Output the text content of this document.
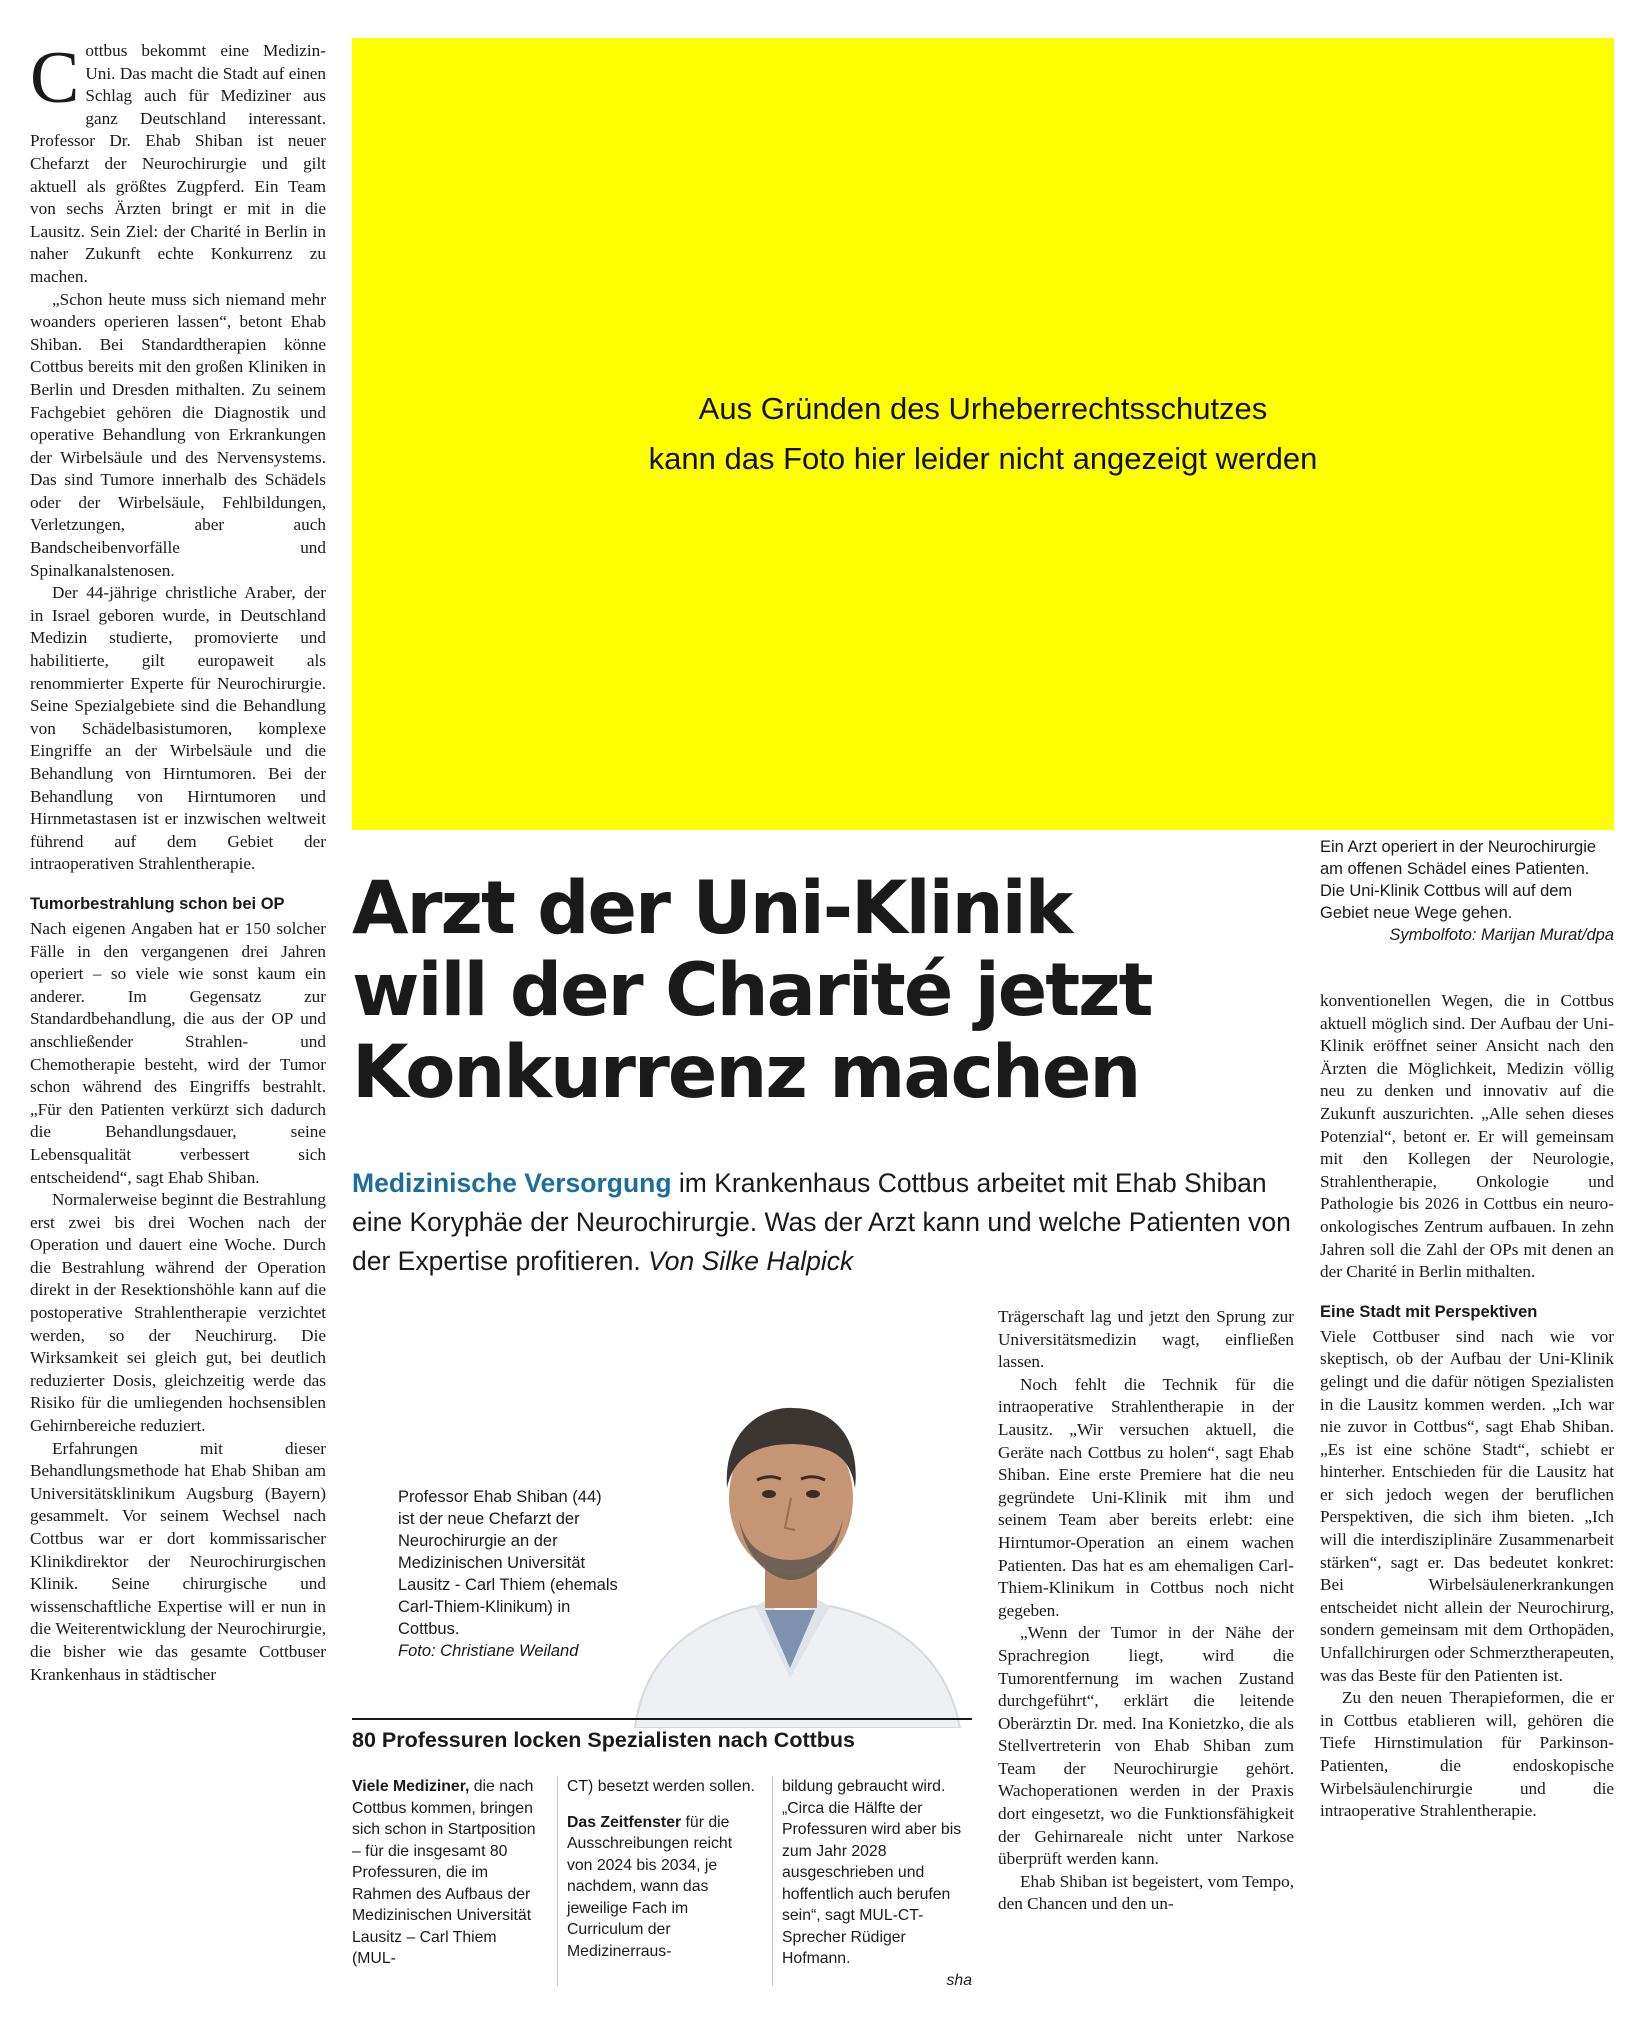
Cottbus bekommt eine Medizin-Uni. Das macht die Stadt auf einen Schlag auch für Mediziner aus ganz Deutschland interessant. Professor Dr. Ehab Shiban ist neuer Chefarzt der Neurochirurgie und gilt aktuell als größtes Zugpferd. Ein Team von sechs Ärzten bringt er mit in die Lausitz. Sein Ziel: der Charité in Berlin in naher Zukunft echte Konkurrenz zu machen.

„Schon heute muss sich niemand mehr woanders operieren lassen“, betont Ehab Shiban. Bei Standardtherapien könne Cottbus bereits mit den großen Kliniken in Berlin und Dresden mithalten. Zu seinem Fachgebiet gehören die Diagnostik und operative Behandlung von Erkrankungen der Wirbelsäule und des Nervensystems. Das sind Tumore innerhalb des Schädels oder der Wirbelsäule, Fehlbildungen, Verletzungen, aber auch Bandscheibenvorfälle und Spinalkanalstenosen.

Der 44-jährige christliche Araber, der in Israel geboren wurde, in Deutschland Medizin studierte, promovierte und habilitierte, gilt europaweit als renommierter Experte für Neurochirurgie. Seine Spezialgebiete sind die Behandlung von Schädelbasistumoren, komplexe Eingriffe an der Wirbelsäule und die Behandlung von Hirntumoren. Bei der Behandlung von Hirntumoren und Hirnmetastasen ist er inzwischen weltweit führend auf dem Gebiet der intraoperativen Strahlentherapie.

Tumorbestrahlung schon bei OP

Nach eigenen Angaben hat er 150 solcher Fälle in den vergangenen drei Jahren operiert – so viele wie sonst kaum ein anderer. Im Gegensatz zur Standardbehandlung, die aus der OP und anschließender Strahlen- und Chemotherapie besteht, wird der Tumor schon während des Eingriffs bestrahlt. „Für den Patienten verkürzt sich dadurch die Behandlungsdauer, seine Lebensqualität verbessert sich entscheidend“, sagt Ehab Shiban.

Normalerweise beginnt die Bestrahlung erst zwei bis drei Wochen nach der Operation und dauert eine Woche. Durch die Bestrahlung während der Operation direkt in der Resektionshöhle kann auf die postoperative Strahlentherapie verzichtet werden, so der Neuchirurg. Die Wirksamkeit sei gleich gut, bei deutlich reduzierter Dosis, gleichzeitig werde das Risiko für die umliegenden hochsensiblen Gehirnbereiche reduziert.

Erfahrungen mit dieser Behandlungsmethode hat Ehab Shiban am Universitätsklinikum Augsburg (Bayern) gesammelt. Vor seinem Wechsel nach Cottbus war er dort kommissarischer Klinikdirektor der Neurochirurgischen Klinik. Seine chirurgische und wissenschaftliche Expertise will er nun in die Weiterentwicklung der Neurochirurgie, die bisher wie das gesamte Cottbuser Krankenhaus in städtischer

Aus Gründen des Urheberrechtsschutzes
kann das Foto hier leider nicht angezeigt werden
Ein Arzt operiert in der Neurochirurgie am offenen Schädel eines Patienten. Die Uni-Klinik Cottbus will auf dem Gebiet neue Wege gehen.
Symbolfoto: Marijan Murat/dpa
Arzt der Uni-Klinik
will der Charité jetzt
Konkurrenz machen
Medizinische Versorgung im Krankenhaus Cottbus arbeitet mit Ehab Shiban eine Koryphäe der Neurochirurgie. Was der Arzt kann und welche Patienten von der Expertise profitieren. Von Silke Halpick
Professor Ehab Shiban (44) ist der neue Chefarzt der Neurochirurgie an der Medizinischen Universität Lausitz - Carl Thiem (ehemals Carl-Thiem-Klinikum) in Cottbus.
Foto: Christiane Weiland
80 Professuren locken Spezialisten nach Cottbus

Viele Mediziner, die nach Cottbus kommen, bringen sich schon in Startposition – für die insgesamt 80 Professuren, die im Rahmen des Aufbaus der Medizinischen Universität Lausitz – Carl Thiem (MUL-

CT) besetzt werden sollen.

Das Zeitfenster für die Ausschreibungen reicht von 2024 bis 2034, je nachdem, wann das jeweilige Fach im Curriculum der Medizinerraus-

bildung gebraucht wird. „Circa die Hälfte der Professuren wird aber bis zum Jahr 2028 ausgeschrieben und hoffentlich auch berufen sein“, sagt MUL-CT-Sprecher Rüdiger Hofmann.

sha

Trägerschaft lag und jetzt den Sprung zur Universitätsmedizin wagt, einfließen lassen.

Noch fehlt die Technik für die intraoperative Strahlentherapie in der Lausitz. „Wir versuchen aktuell, die Geräte nach Cottbus zu holen“, sagt Ehab Shiban. Eine erste Premiere hat die neu gegründete Uni-Klinik mit ihm und seinem Team aber bereits erlebt: eine Hirntumor-Operation an einem wachen Patienten. Das hat es am ehemaligen Carl-Thiem-Klinikum in Cottbus noch nicht gegeben.

„Wenn der Tumor in der Nähe der Sprachregion liegt, wird die Tumorentfernung im wachen Zustand durchgeführt“, erklärt die leitende Oberärztin Dr. med. Ina Konietzko, die als Stellvertreterin von Ehab Shiban zum Team der Neurochirurgie gehört. Wachoperationen werden in der Praxis dort eingesetzt, wo die Funktionsfähigkeit der Gehirnareale nicht unter Narkose überprüft werden kann.

Ehab Shiban ist begeistert, vom Tempo, den Chancen und den un-

konventionellen Wegen, die in Cottbus aktuell möglich sind. Der Aufbau der Uni-Klinik eröffnet seiner Ansicht nach den Ärzten die Möglichkeit, Medizin völlig neu zu denken und innovativ auf die Zukunft auszurichten. „Alle sehen dieses Potenzial“, betont er. Er will gemeinsam mit den Kollegen der Neurologie, Strahlentherapie, Onkologie und Pathologie bis 2026 in Cottbus ein neuro-onkologisches Zentrum aufbauen. In zehn Jahren soll die Zahl der OPs mit denen an der Charité in Berlin mithalten.

Eine Stadt mit Perspektiven

Viele Cottbuser sind nach wie vor skeptisch, ob der Aufbau der Uni-Klinik gelingt und die dafür nötigen Spezialisten in die Lausitz kommen werden. „Ich war nie zuvor in Cottbus“, sagt Ehab Shiban. „Es ist eine schöne Stadt“, schiebt er hinterher. Entschieden für die Lausitz hat er sich jedoch wegen der beruflichen Perspektiven, die sich ihm bieten. „Ich will die interdisziplinäre Zusammenarbeit stärken“, sagt er. Das bedeutet konkret: Bei Wirbelsäulenerkrankungen entscheidet nicht allein der Neurochirurg, sondern gemeinsam mit dem Orthopäden, Unfallchirurgen oder Schmerztherapeuten, was das Beste für den Patienten ist.

Zu den neuen Therapieformen, die er in Cottbus etablieren will, gehören die Tiefe Hirnstimulation für Parkinson-Patienten, die endoskopische Wirbelsäulenchirurgie und die intraoperative Strahlentherapie.
